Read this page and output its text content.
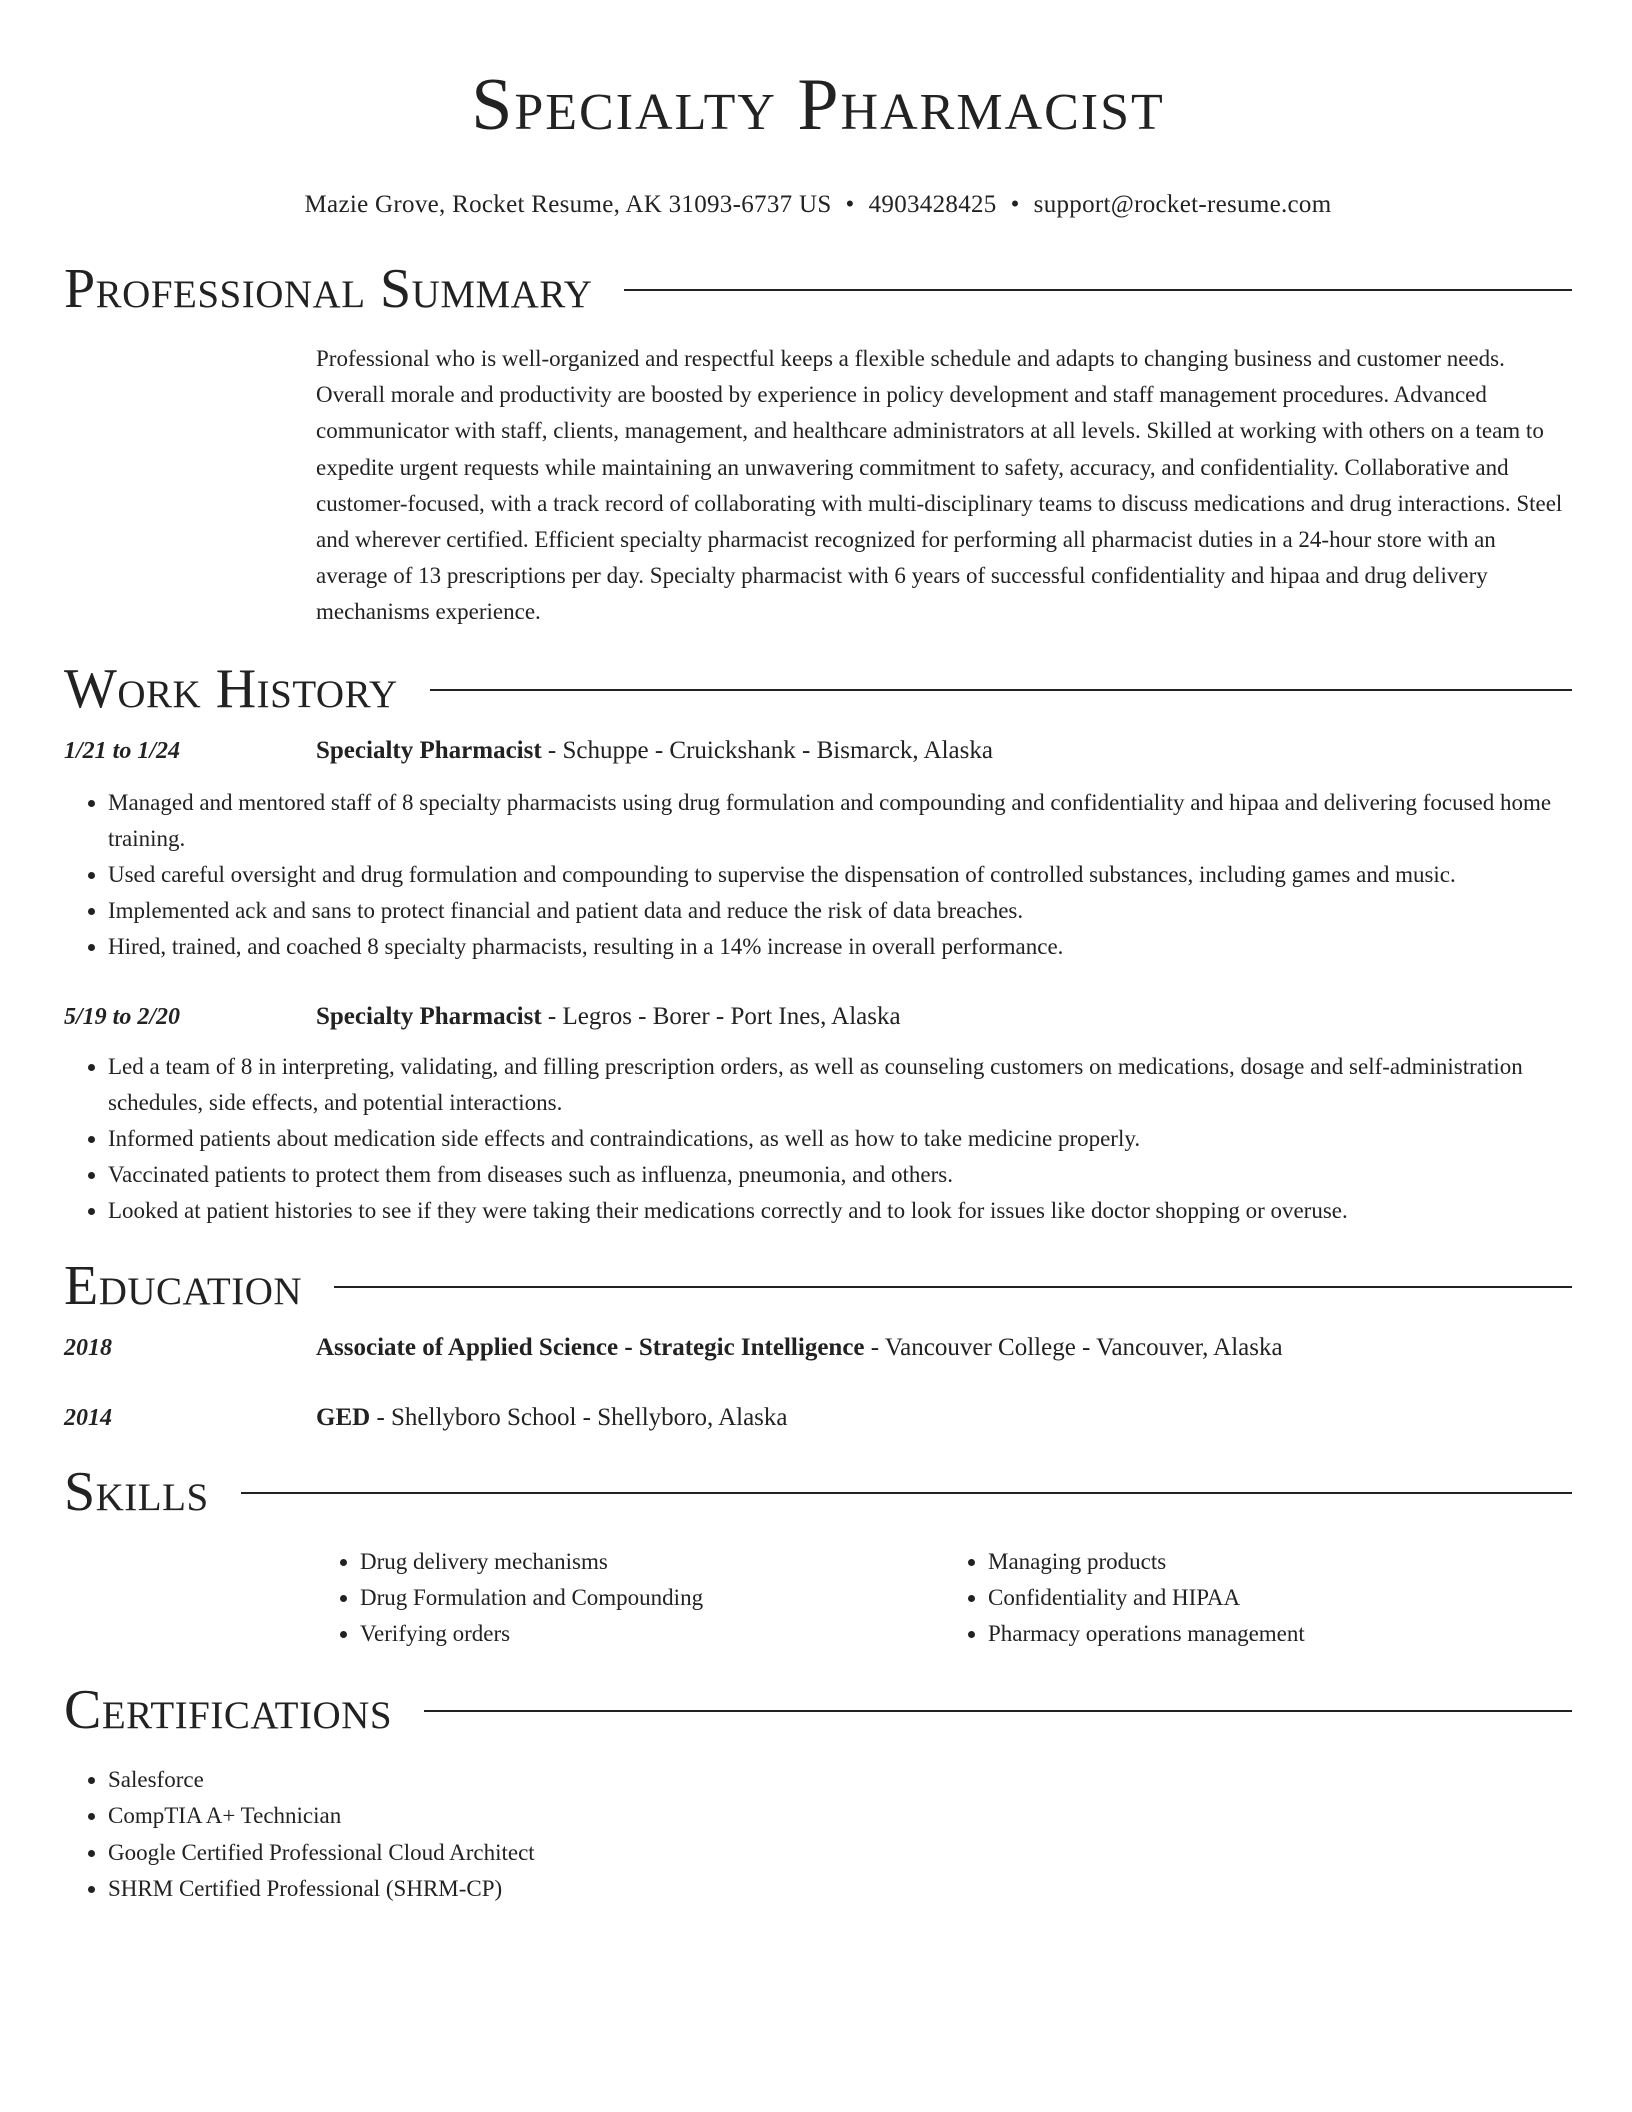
Specialty Pharmacist
Mazie Grove, Rocket Resume, AK 31093-6737 US • 4903428425 • support@rocket-resume.com
Professional Summary
Professional who is well-organized and respectful keeps a flexible schedule and adapts to changing business and customer needs. Overall morale and productivity are boosted by experience in policy development and staff management procedures. Advanced communicator with staff, clients, management, and healthcare administrators at all levels. Skilled at working with others on a team to expedite urgent requests while maintaining an unwavering commitment to safety, accuracy, and confidentiality. Collaborative and customer-focused, with a track record of collaborating with multi-disciplinary teams to discuss medications and drug interactions. Steel and wherever certified. Efficient specialty pharmacist recognized for performing all pharmacist duties in a 24-hour store with an average of 13 prescriptions per day. Specialty pharmacist with 6 years of successful confidentiality and hipaa and drug delivery mechanisms experience.
Work History
1/21 to 1/24	Specialty Pharmacist - Schuppe - Cruickshank - Bismarck, Alaska
• Managed and mentored staff of 8 specialty pharmacists using drug formulation and compounding and confidentiality and hipaa and delivering focused home training.
• Used careful oversight and drug formulation and compounding to supervise the dispensation of controlled substances, including games and music.
• Implemented ack and sans to protect financial and patient data and reduce the risk of data breaches.
• Hired, trained, and coached 8 specialty pharmacists, resulting in a 14% increase in overall performance.
5/19 to 2/20	Specialty Pharmacist - Legros - Borer - Port Ines, Alaska
• Led a team of 8 in interpreting, validating, and filling prescription orders, as well as counseling customers on medications, dosage and self-administration schedules, side effects, and potential interactions.
• Informed patients about medication side effects and contraindications, as well as how to take medicine properly.
• Vaccinated patients to protect them from diseases such as influenza, pneumonia, and others.
• Looked at patient histories to see if they were taking their medications correctly and to look for issues like doctor shopping or overuse.
Education
2018	Associate of Applied Science - Strategic Intelligence - Vancouver College - Vancouver, Alaska
2014	GED - Shellyboro School - Shellyboro, Alaska
Skills
• Drug delivery mechanisms
• Drug Formulation and Compounding
• Verifying orders
• Managing products
• Confidentiality and HIPAA
• Pharmacy operations management
Certifications
• Salesforce
• CompTIA A+ Technician
• Google Certified Professional Cloud Architect
• SHRM Certified Professional (SHRM-CP)
